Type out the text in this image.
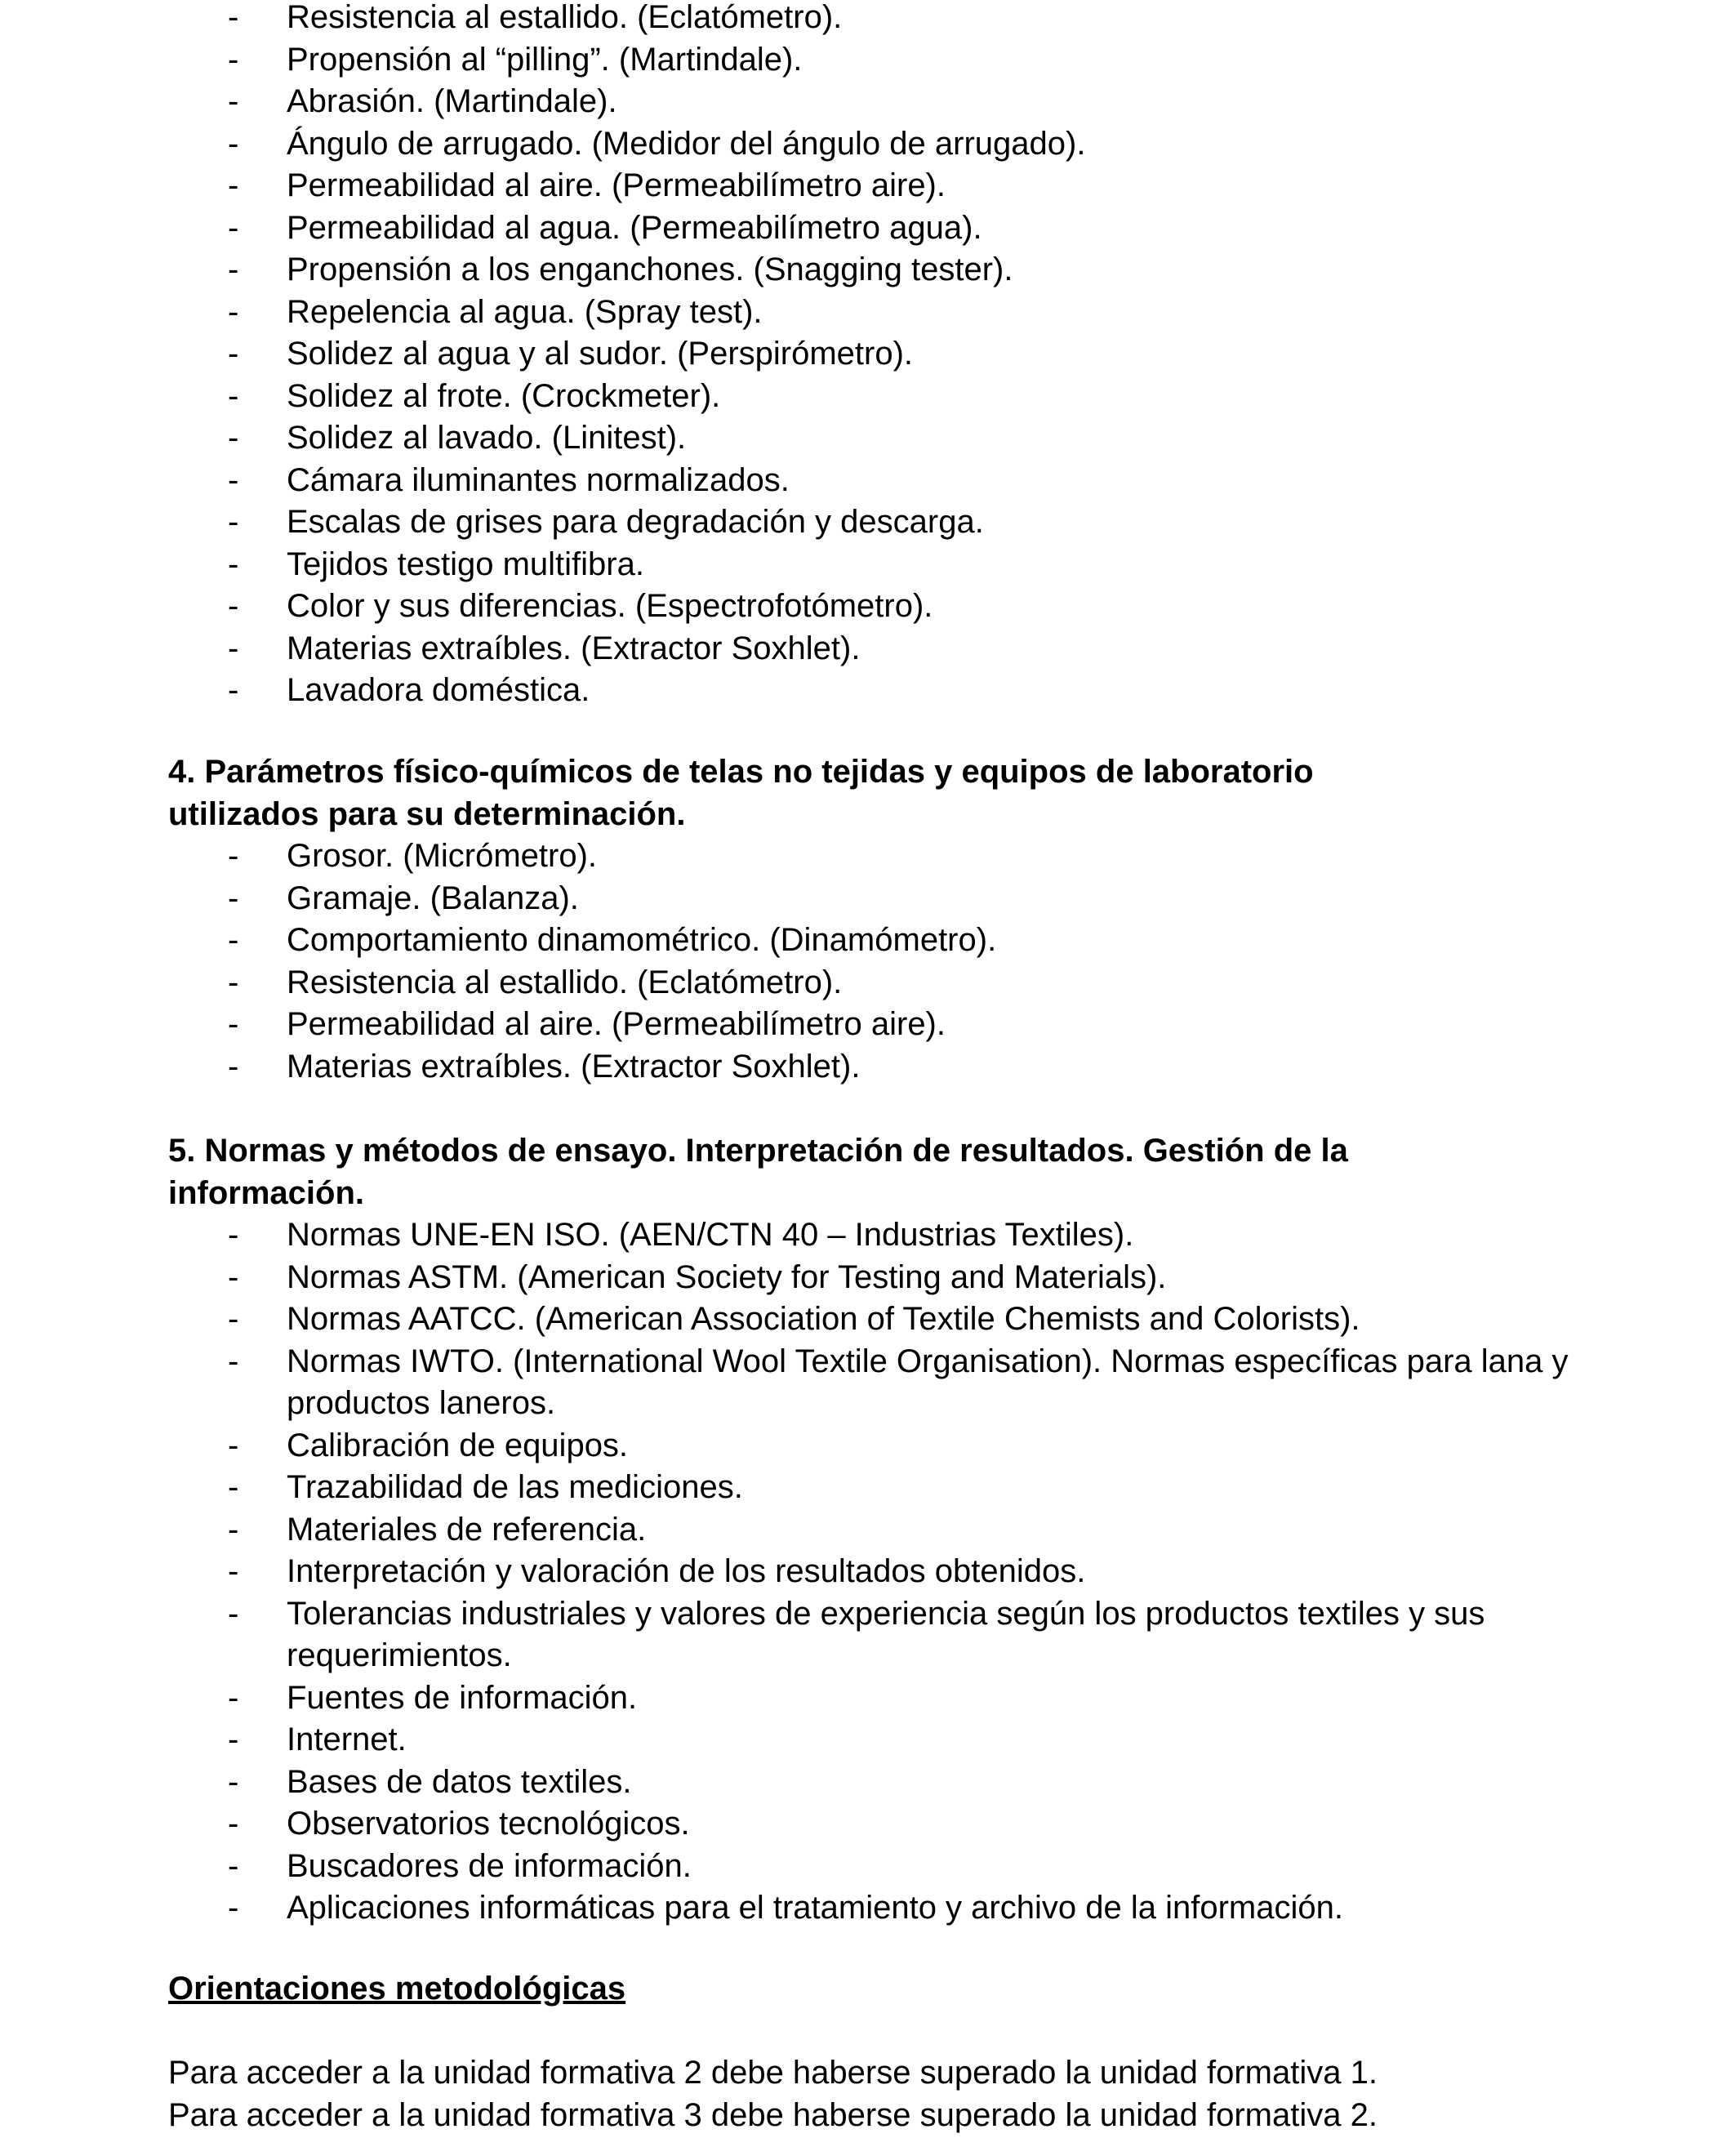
- Resistencia al estallido. (Eclatómetro).
- Propensión al “pilling”. (Martindale).
- Abrasión. (Martindale).
- Ángulo de arrugado. (Medidor del ángulo de arrugado).
- Permeabilidad al aire. (Permeabilímetro aire).
- Permeabilidad al agua. (Permeabilímetro agua).
- Propensión a los enganchones. (Snagging tester).
- Repelencia al agua. (Spray test).
- Solidez al agua y al sudor. (Perspirómetro).
- Solidez al frote. (Crockmeter).
- Solidez al lavado. (Linitest).
- Cámara iluminantes normalizados.
- Escalas de grises para degradación y descarga.
- Tejidos testigo multifibra.
- Color y sus diferencias. (Espectrofotómetro).
- Materias extraíbles. (Extractor Soxhlet).
- Lavadora doméstica.
4. Parámetros físico-químicos de telas no tejidas y equipos de laboratorio
utilizados para su determinación.
- Grosor. (Micrómetro).
- Gramaje. (Balanza).
- Comportamiento dinamométrico. (Dinamómetro).
- Resistencia al estallido. (Eclatómetro).
- Permeabilidad al aire. (Permeabilímetro aire).
- Materias extraíbles. (Extractor Soxhlet).
5. Normas y métodos de ensayo. Interpretación de resultados. Gestión de la
información.
- Normas UNE-EN ISO. (AEN/CTN 40 – Industrias Textiles).
- Normas ASTM. (American Society for Testing and Materials).
- Normas AATCC. (American Association of Textile Chemists and Colorists).
- Normas IWTO. (International Wool Textile Organisation). Normas específicas para lana y productos laneros.
- Calibración de equipos.
- Trazabilidad de las mediciones.
- Materiales de referencia.
- Interpretación y valoración de los resultados obtenidos.
- Tolerancias industriales y valores de experiencia según los productos textiles y sus requerimientos.
- Fuentes de información.
- Internet.
- Bases de datos textiles.
- Observatorios tecnológicos.
- Buscadores de información.
- Aplicaciones informáticas para el tratamiento y archivo de la información.
Orientaciones metodológicas
Para acceder a la unidad formativa 2 debe haberse superado la unidad formativa 1.
Para acceder a la unidad formativa 3 debe haberse superado la unidad formativa 2.
